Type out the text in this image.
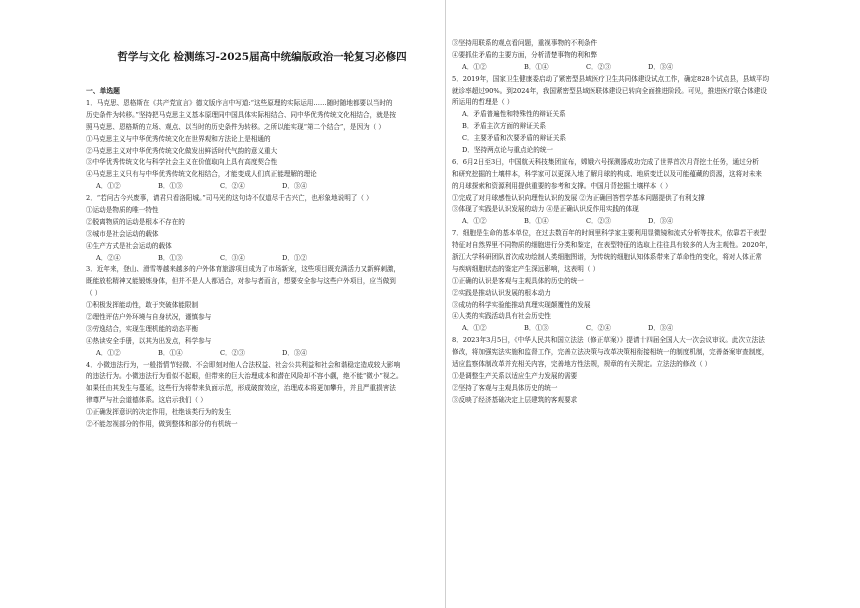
哲学与文化 检测练习-2025届高中统编版政治一轮复习必修四
一、单选题
1．马克思、恩格斯在《共产党宣言》德文版序言中写道:“这些原理的实际运用……随时随地都要以当时的
历史条件为转移。”坚持把马克思主义基本原理同中国具体实际相结合、同中华优秀传统文化相结合，就是按
照马克思、恩格斯的立场、观点、以当时的历史条件为转移。之所以能实现“第二个结合”，是因为（ ）
①马克思主义与中华优秀传统文化在世界观和方法论上是相通的
②马克思主义对中华优秀传统文化做发出鲜活时代气韵的意义重大
③中华优秀传统文化与科学社会主义在价值取向上具有高度契合性
④马克思主义只有与中华优秀传统文化相结合，才能变成人们真正能理解的理论
A．①②	B．①③	C．②④	D．③④
2．“若问古今兴废事，请君只看洛阳城。”司马光的这句诗不仅道尽千古兴亡，也形象地说明了（ ）
①运动是物质的唯一特性
②脱离物质的运动是根本不存在的
③城市是社会运动的载体
④生产方式是社会运动的载体
A．②④	B．①③	C．③④	D．①②
3．近年来，登山、滑雪等越来越多的户外体育旅游项目成为了市场新宠，这些项目既充满活力又新鲜刺激，
既能放松精神又能锻炼身体，但并不是人人都适合，对参与者而言，想要安全参与这些户外项目，应当做到
（ ）
①积极发挥能动性，敢于突破体能限制
②理性评估户外环境与自身状况，谨慎参与
③劳逸结合，实现生理机能的动态平衡
④热读安全手册，以其为出发点，科学参与
A．①②	B．①④	C．②③	D．③④
4．小微违法行为，一般指情节轻微、不会即刻对他人合法权益、社会公共利益和社会和谐稳定造成较大影响
的违法行为。小微违法行为看似不起眼，但带来的巨大治理成本和潜在风险却不容小觑，绝不能“微小”视之。
如果任由其发生与蔓延，这些行为将带来负面示范，形成破窗效应，治理成本将更加攀升，并且严重损害法
律尊严与社会道德体系。这启示我们（ ）
①正确发挥意识的决定作用，杜绝该类行为的发生
②不能忽视部分的作用，做到整体和部分的有机统一
③坚持用联系的观点看问题，重视事物的不利条件
④要抓住矛盾的主要方面，分析清楚事物的利和弊
A．①②	B．①④	C．②③	D．③④
5．2019年，国家卫生健康委启动了紧密型县域医疗卫生共同体建设试点工作，确定828个试点县，县域平均
就诊率超过90%。到2024年，我国紧密型县域医联体建设已转向全面推进阶段。可见，推进医疗联合体建设
所运用的哲理是（ ）
A．矛盾普遍性和特殊性的辩证关系
B．矛盾主次方面的辩证关系
C．主要矛盾和次要矛盾的辩证关系
D．坚持两点论与重点论的统一
6．6月2日至3日，中国航天科技集团宣布，嫦娥六号探测器成功完成了世界首次月背挖土任务，通过分析
和研究挖掘的土壤样本，科学家可以更深入地了解月球的构成、地质变迁以及可能蕴藏的资源，这将对未来
的月球探索和资源利用提供重要的参考和支撑。中国月背挖掘土壤样本（ ）
①完成了对月球感性认识向理性认识的发展 ②为正确回答哲学基本问题提供了有利支撑
③体现了实践是认识发展的动力 ④是正确认识反作用实践的体现
A．①②	B．①④	C．②③	D．③④
7．细胞是生命的基本单位，在过去数百年的时间里科学家主要利用显微镜和流式分析等技术，依靠若干表型
特征对自然界里不同物质的细胞进行分类和鉴定，在表型特征的选取上往往具有较多的人为主观性。2020年，
浙江大学科研团队首次成功绘制人类细胞图谱，为传统的细胞认知体系带来了革命性的变化，将对人体正常
与疾病细胞状态的鉴定产生深远影响，这表明（ ）
①正确的认识是客观与主观具体的历史的统一
②实践是推动认识发展的根本动力
③成功的科学实验能推动真理实现颠覆性的发展
④人类的实践活动具有社会历史性
A．①②	B．①③	C．②④	D．③④
8．2023年3月5日，《中华人民共和国立法法（修正草案）》提请十四届全国人大一次会议审议。此次立法法
修改，将加强宪法实施和监督工作，完善立法决策与改革决策相衔接相统一的制度机制，完善备案审查制度，
适应监察体制改革并充相关内容，完善地方性法规，规章的有关规定。立法法的修改（ ）
①是调整生产关系以适应生产力发展的需要
②坚持了客观与主观具体历史的统一
③反映了经济基础决定上层建筑的客观要求
